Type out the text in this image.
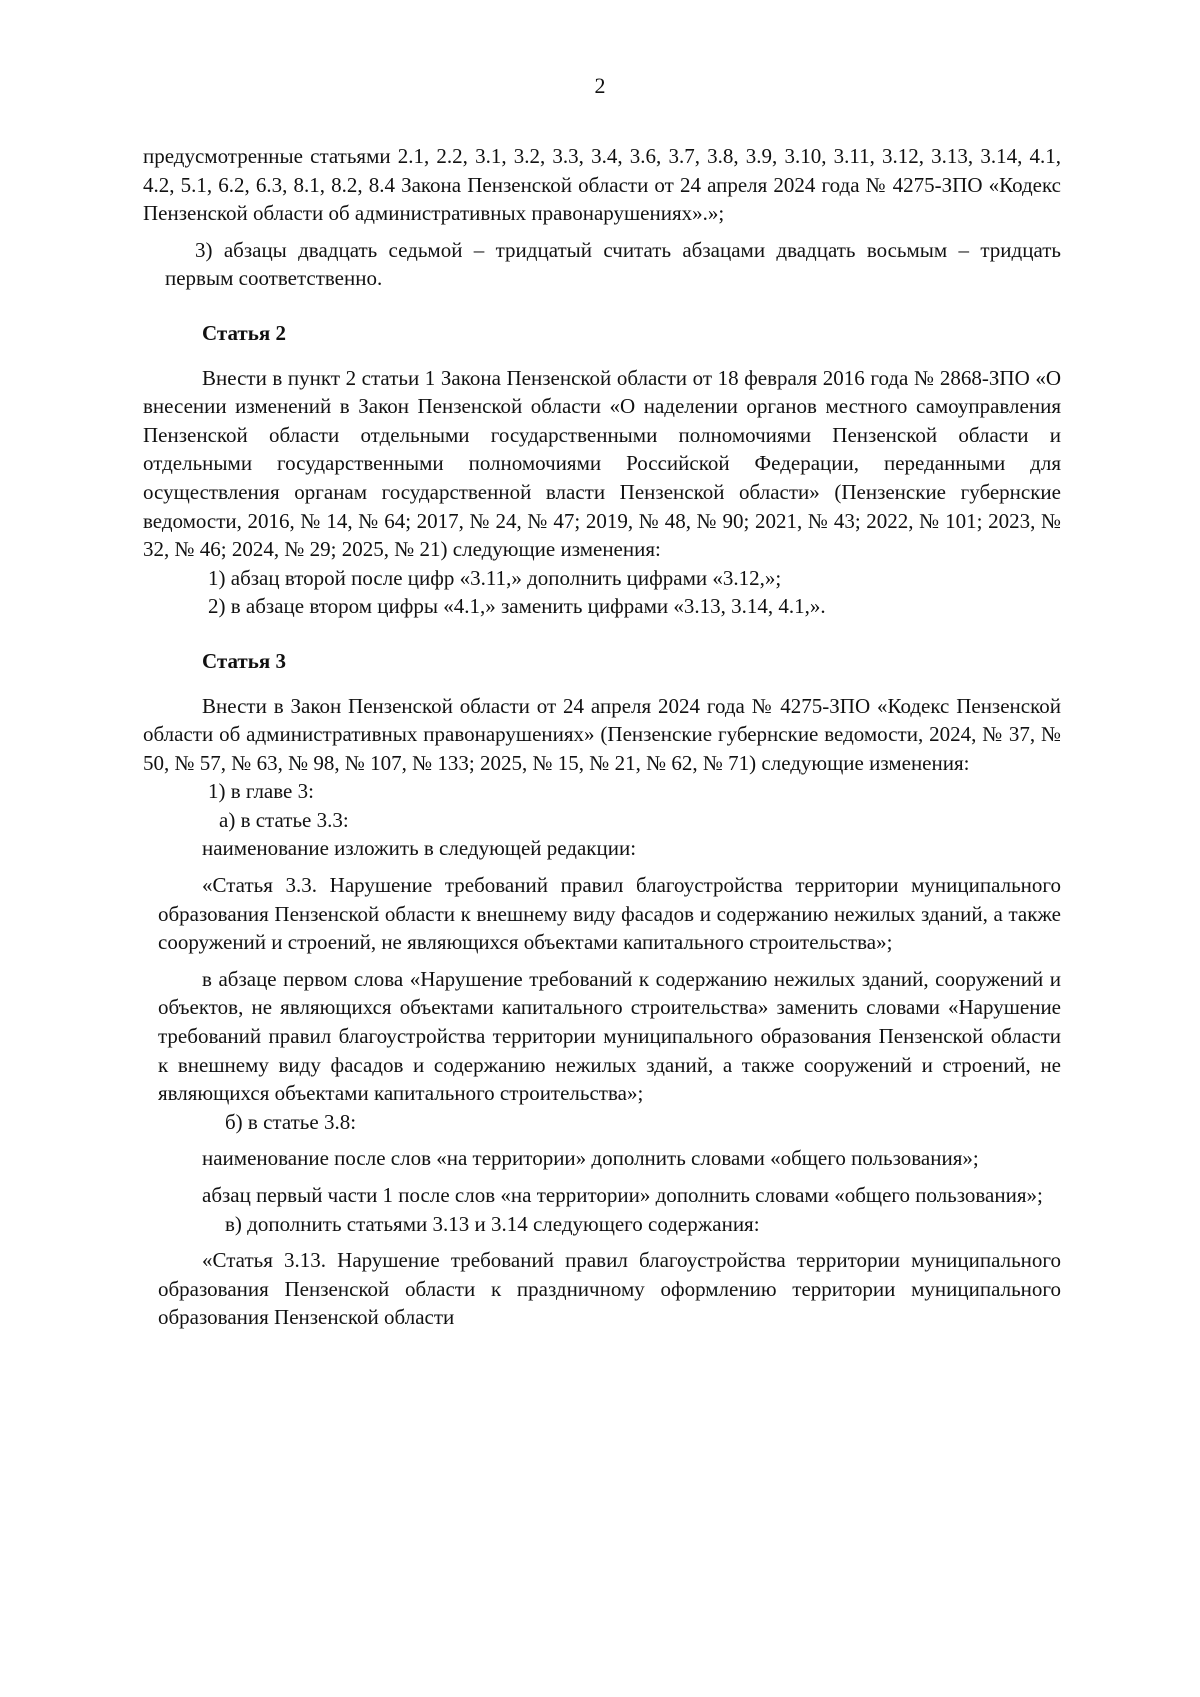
2

предусмотренные статьями 2.1, 2.2, 3.1, 3.2, 3.3, 3.4, 3.6, 3.7, 3.8, 3.9, 3.10, 3.11, 3.12, 3.13, 3.14, 4.1, 4.2, 5.1, 6.2, 6.3, 8.1, 8.2, 8.4 Закона Пензенской области от 24 апреля 2024 года № 4275-ЗПО «Кодекс Пензенской области об административных правонарушениях».»;

3) абзацы двадцать седьмой – тридцатый считать абзацами двадцать восьмым – тридцать первым соответственно.

Статья 2

Внести в пункт 2 статьи 1 Закона Пензенской области от 18 февраля 2016 года № 2868-ЗПО «О внесении изменений в Закон Пензенской области «О наделении органов местного самоуправления Пензенской области отдельными государственными полномочиями Пензенской области и отдельными государственными полномочиями Российской Федерации, переданными для осуществления органам государственной власти Пензенской области» (Пензенские губернские ведомости, 2016, № 14, № 64; 2017, № 24, № 47; 2019, № 48, № 90; 2021, № 43; 2022, № 101; 2023, № 32, № 46; 2024, № 29; 2025, № 21) следующие изменения:

1) абзац второй после цифр «3.11,» дополнить цифрами «3.12,»;

2) в абзаце втором цифры «4.1,» заменить цифрами «3.13, 3.14, 4.1,».

Статья 3

Внести в Закон Пензенской области от 24 апреля 2024 года № 4275-ЗПО «Кодекс Пензенской области об административных правонарушениях» (Пензенские губернские ведомости, 2024, № 37, № 50, № 57, № 63, № 98, № 107, № 133; 2025, № 15, № 21, № 62, № 71) следующие изменения:

1) в главе 3:

а) в статье 3.3:

наименование изложить в следующей редакции:

«Статья 3.3. Нарушение требований правил благоустройства территории муниципального образования Пензенской области к внешнему виду фасадов и содержанию нежилых зданий, а также сооружений и строений, не являющихся объектами капитального строительства»;

в абзаце первом слова «Нарушение требований к содержанию нежилых зданий, сооружений и объектов, не являющихся объектами капитального строительства» заменить словами «Нарушение требований правил благоустройства территории муниципального образования Пензенской области к внешнему виду фасадов и содержанию нежилых зданий, а также сооружений и строений, не являющихся объектами капитального строительства»;

б) в статье 3.8:

наименование после слов «на территории» дополнить словами «общего пользования»;

абзац первый части 1 после слов «на территории» дополнить словами «общего пользования»;

в) дополнить статьями 3.13 и 3.14 следующего содержания:

«Статья 3.13. Нарушение требований правил благоустройства территории муниципального образования Пензенской области к праздничному оформлению территории муниципального образования Пензенской области
